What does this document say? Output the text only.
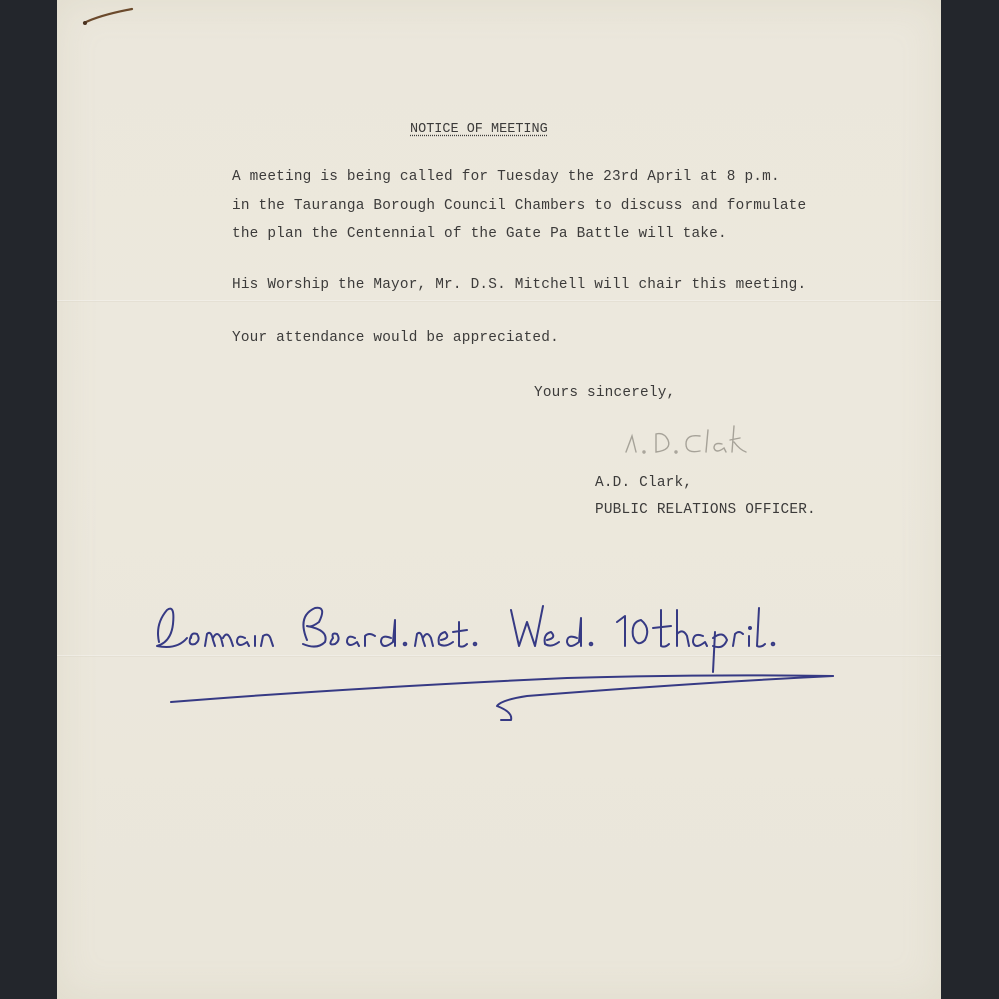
NOTICE OF MEETING
A meeting is being called for Tuesday the 23rd April at 8 p.m.
in the Tauranga Borough Council Chambers to discuss and formulate
the plan the Centennial of the Gate Pa Battle will take.
His Worship the Mayor, Mr. D.S. Mitchell will chair this meeting.
Your attendance would be appreciated.
Yours sincerely,
A.D. Clark,
PUBLIC RELATIONS OFFICER.
